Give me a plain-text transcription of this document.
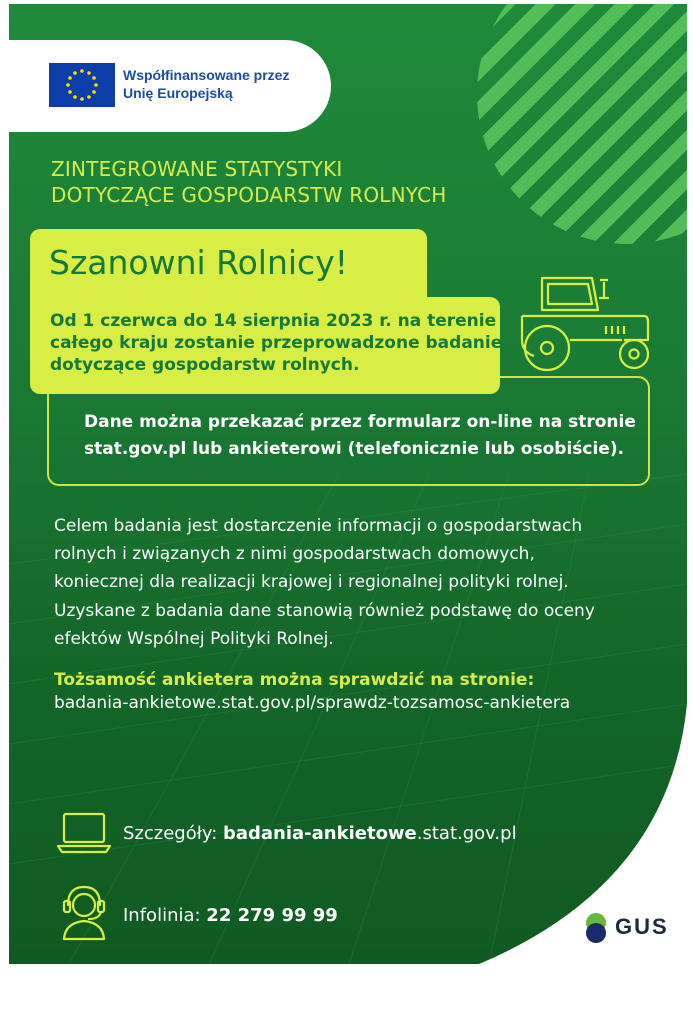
Współfinansowane przez
Unię Europejską
ZINTEGROWANE STATYSTYKI
DOTYCZĄCE GOSPODARSTW ROLNYCH
Szanowni Rolnicy!
Od 1 czerwca do 14 sierpnia 2023 r. na terenie
całego kraju zostanie przeprowadzone badanie
dotyczące gospodarstw rolnych.
Dane można przekazać przez formularz on-line na stronie
stat.gov.pl lub ankieterowi (telefonicznie lub osobiście).
Celem badania jest dostarczenie informacji o gospodarstwach
rolnych i związanych z nimi gospodarstwach domowych,
koniecznej dla realizacji krajowej i regionalnej polityki rolnej.
Uzyskane z badania dane stanowią również podstawę do oceny
efektów Wspólnej Polityki Rolnej.
Tożsamość ankietera można sprawdzić na stronie:
badania-ankietowe.stat.gov.pl/sprawdz-tozsamosc-ankietera
Szczegóły: badania-ankietowe.stat.gov.pl
Infolinia: 22 279 99 99	GUS
